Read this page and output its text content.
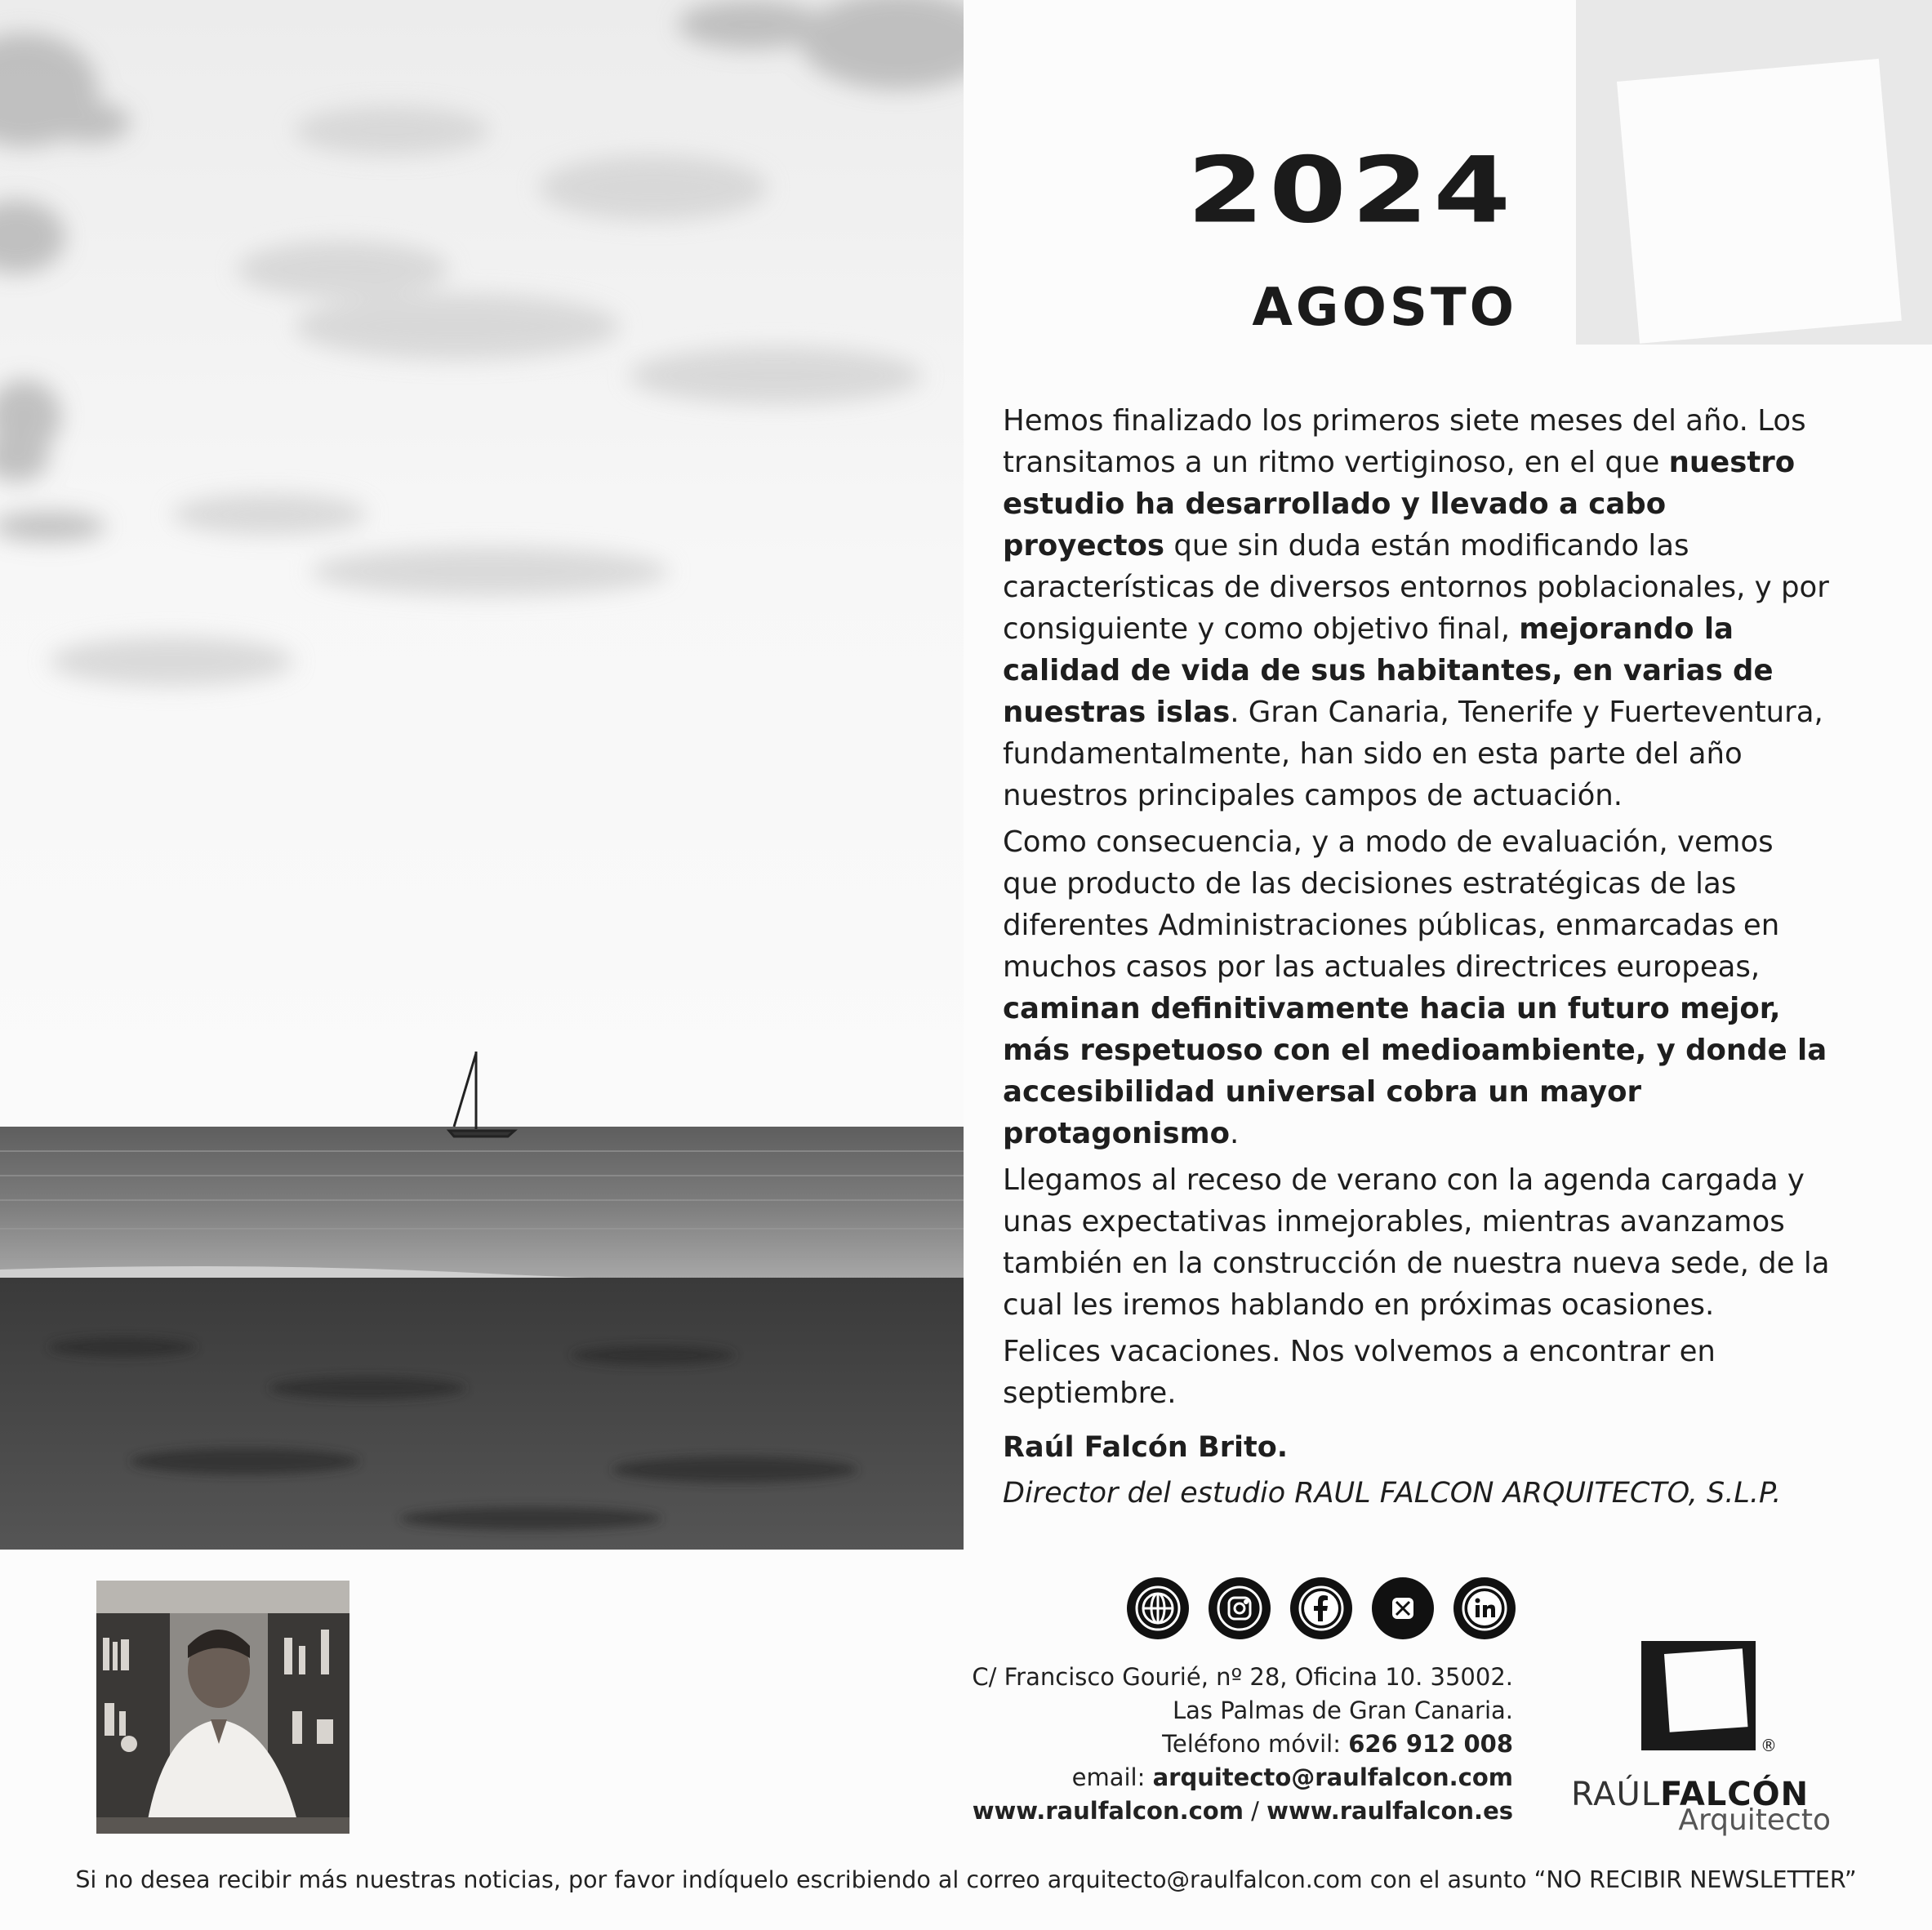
2024
AGOSTO

Hemos finalizado los primeros siete meses del año. Los transitamos a un ritmo vertiginoso, en el que nuestro estudio ha desarrollado y llevado a cabo proyectos que sin duda están modificando las características de diversos entornos poblacionales, y por consiguiente y como objetivo final, mejorando la calidad de vida de sus habitantes, en varias de nuestras islas. Gran Canaria, Tenerife y Fuerteventura, fundamentalmente, han sido en esta parte del año nuestros principales campos de actuación.

Como consecuencia, y a modo de evaluación, vemos que producto de las decisiones estratégicas de las diferentes Administraciones públicas, enmarcadas en muchos casos por las actuales directrices europeas, caminan definitivamente hacia un futuro mejor, más respetuoso con el medioambiente, y donde la accesibilidad universal cobra un mayor protagonismo.

Llegamos al receso de verano con la agenda cargada y unas expectativas inmejorables, mientras avanzamos también en la construcción de nuestra nueva sede, de la cual les iremos hablando en próximas ocasiones.

Felices vacaciones. Nos volvemos a encontrar en septiembre.

Raúl Falcón Brito.
Director del estudio RAUL FALCON ARQUITECTO, S.L.P.
C/ Francisco Gourié, nº 28, Oficina 10. 35002.
Las Palmas de Gran Canaria.
Teléfono móvil: 626 912 008
email: arquitecto@raulfalcon.com
www.raulfalcon.com / www.raulfalcon.es
®
RAÚLFALCÓN
Arquitecto
Si no desea recibir más nuestras noticias, por favor indíquelo escribiendo al correo arquitecto@raulfalcon.com con el asunto “NO RECIBIR NEWSLETTER”
